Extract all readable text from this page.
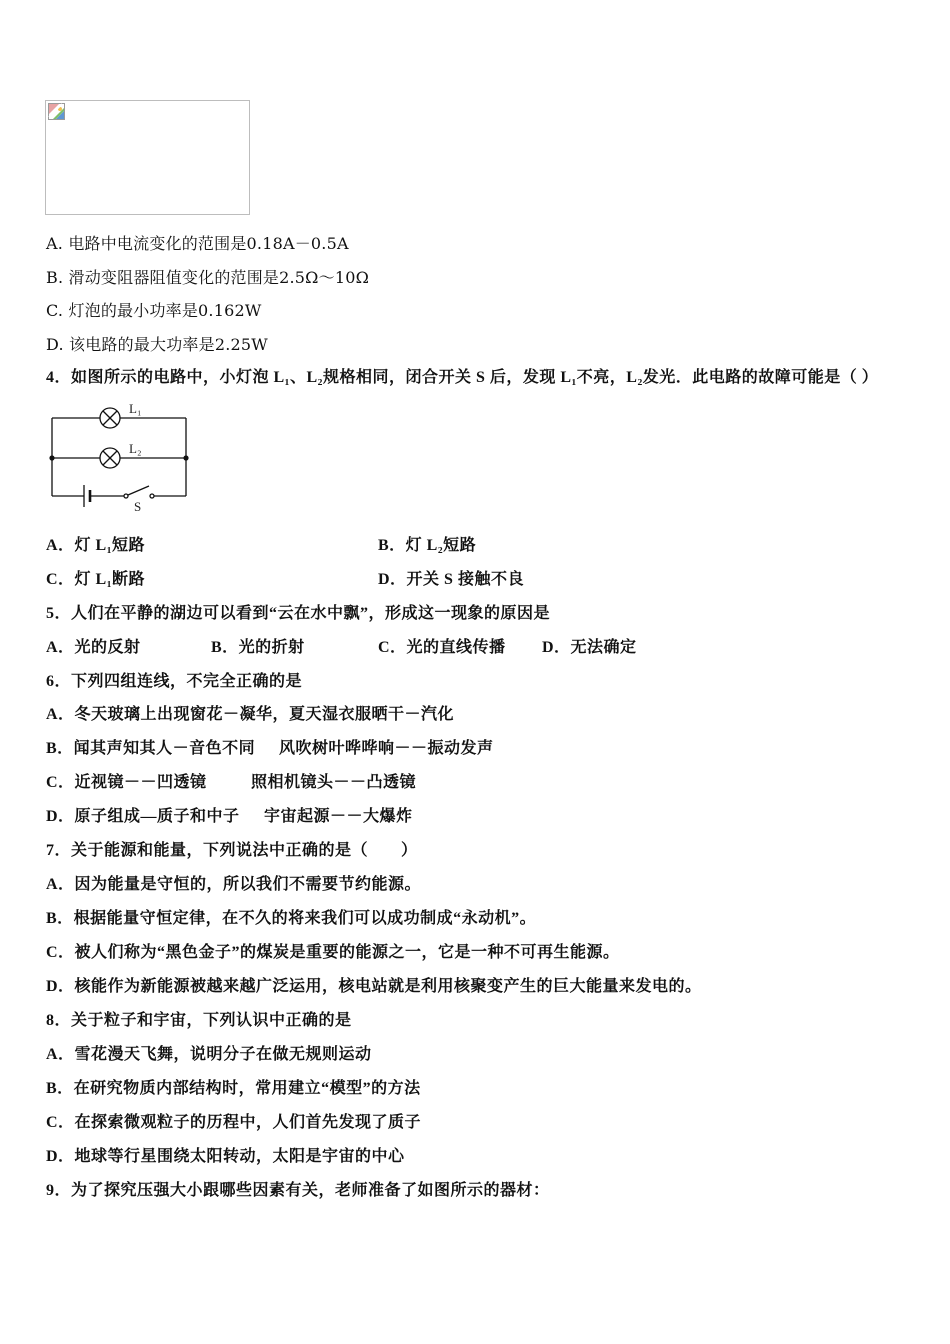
A. 电路中电流变化的范围是0.18A－0.5A
B. 滑动变阻器阻值变化的范围是2.5Ω～10Ω
C. 灯泡的最小功率是0.162W
D. 该电路的最大功率是2.25W
4．如图所示的电路中，小灯泡 L₁、L₂规格相同，闭合开关 S 后，发现 L₁不亮，L₂发光．此电路的故障可能是（ ）
L₁
L₂
S

A．灯 L₁短路

	B．灯 L₂短路

C．灯 L₁断路

	D．开关 S 接触不良

5．人们在平静的湖边可以看到“云在水中飘”，形成这一现象的原因是

A．光的反射

	B．光的折射

	C．光的直线传播

D．无法确定

6．下列四组连线，不完全正确的是
A．冬天玻璃上出现窗花－凝华，夏天湿衣服晒干－汽化

B．闻其声知其人－音色不同

风吹树叶哗哗响－－振动发声

C．近视镜－－凹透镜

	照相机镜头－－凸透镜

D．原子组成—质子和中子

宇宙起源－－大爆炸

7．关于能源和能量，下列说法中正确的是（　　）
A．因为能量是守恒的，所以我们不需要节约能源。
B．根据能量守恒定律，在不久的将来我们可以成功制成“永动机”。
C．被人们称为“黑色金子”的煤炭是重要的能源之一，它是一种不可再生能源。
D．核能作为新能源被越来越广泛运用，核电站就是利用核聚变产生的巨大能量来发电的。
8．关于粒子和宇宙，下列认识中正确的是
A．雪花漫天飞舞，说明分子在做无规则运动
B．在研究物质内部结构时，常用建立“模型”的方法
C．在探索微观粒子的历程中，人们首先发现了质子
D．地球等行星围绕太阳转动，太阳是宇宙的中心
9．为了探究压强大小跟哪些因素有关，老师准备了如图所示的器材：
